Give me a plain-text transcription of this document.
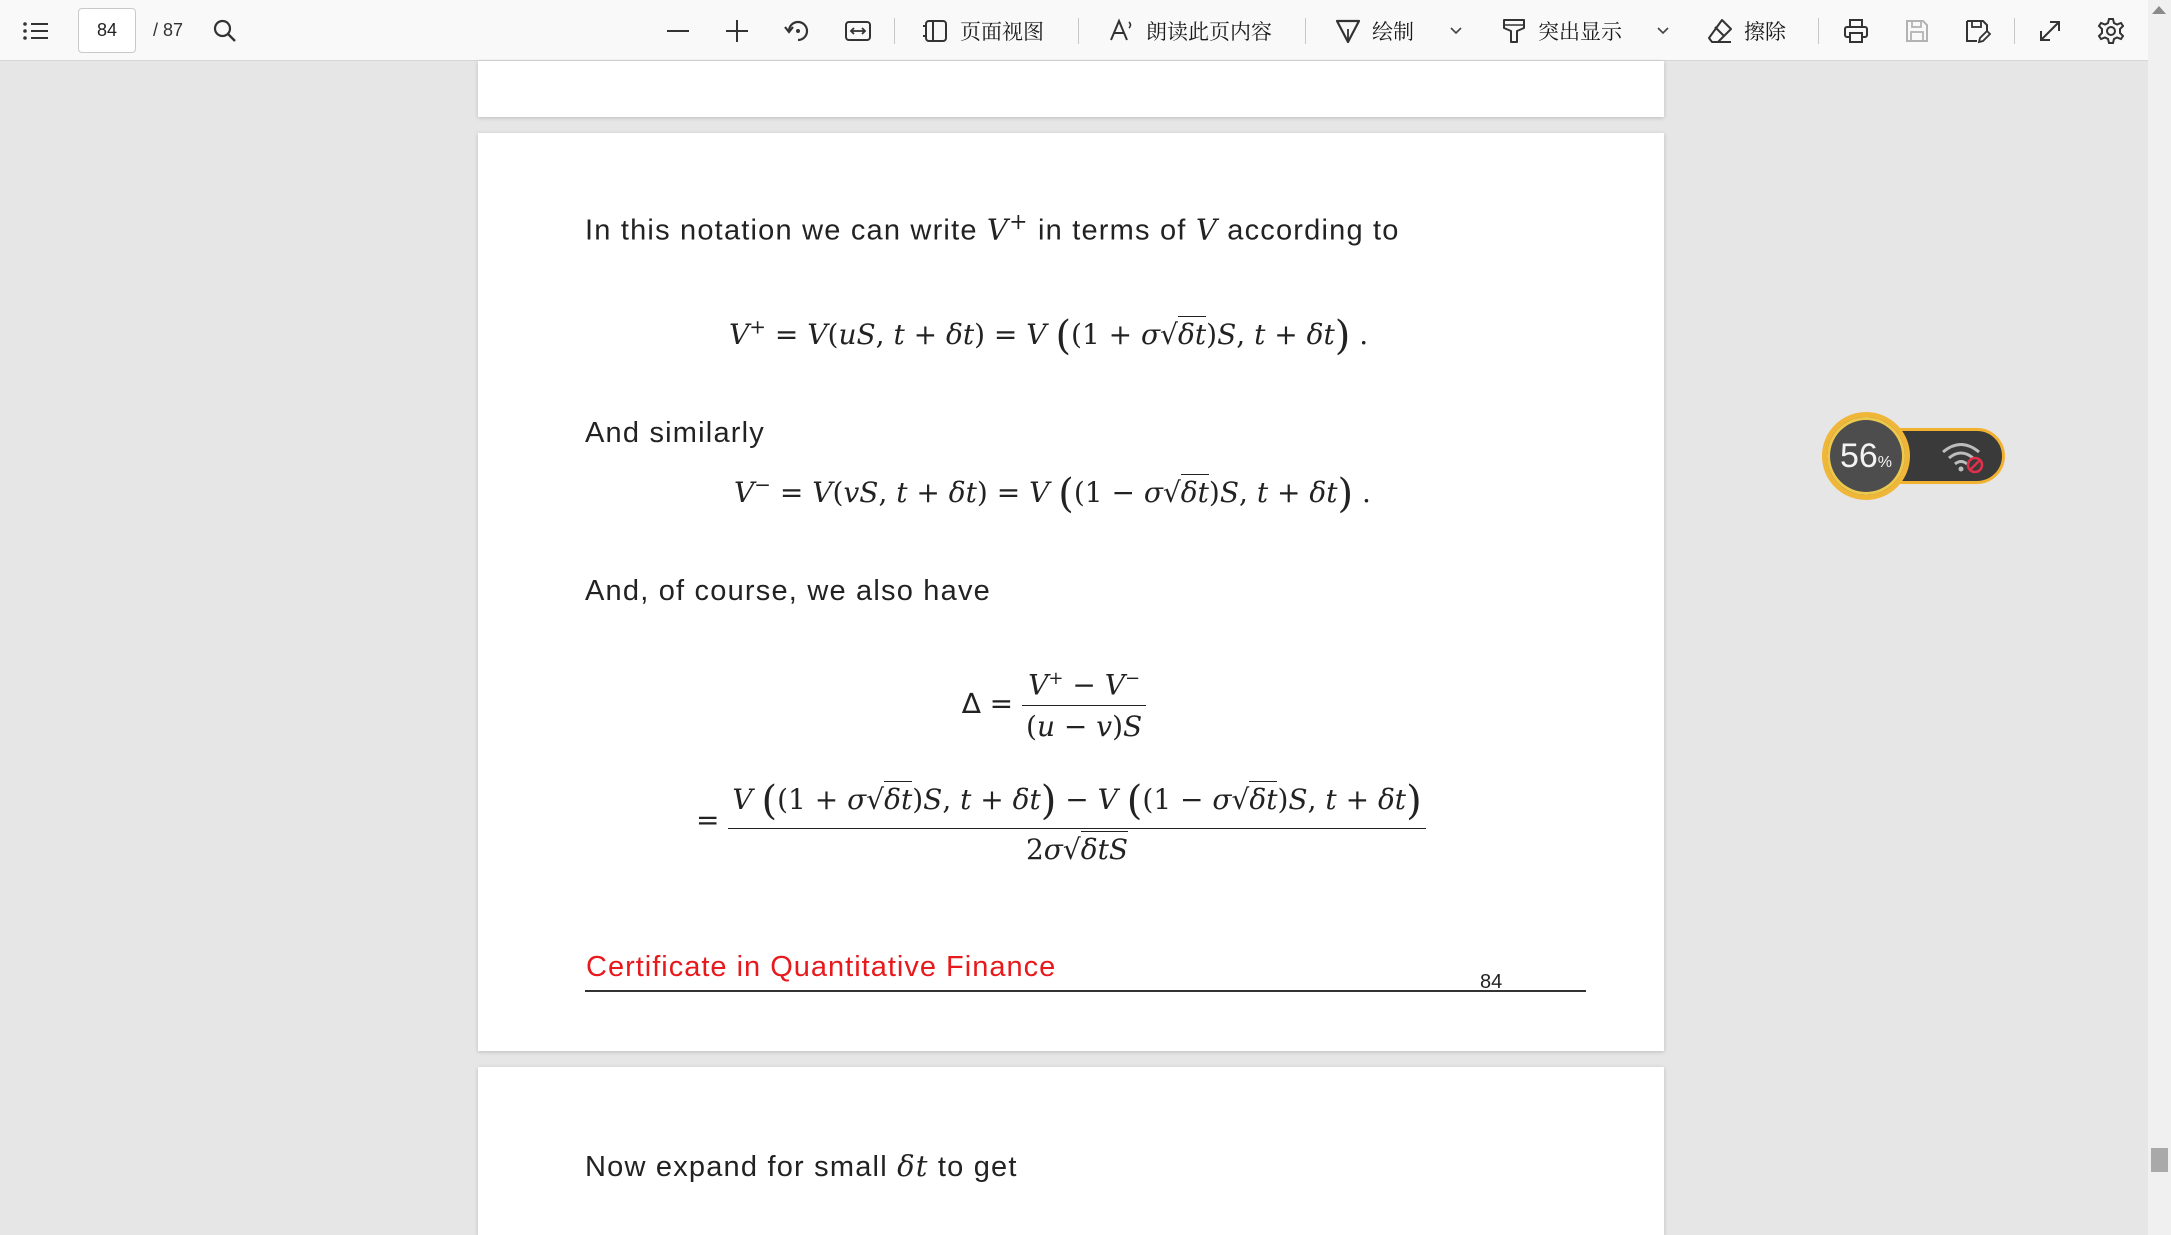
84	/ 87	页面视图	朗读此页内容	绘制	突出显示	擦除
In this notation we can write V+ in terms of V according to
V+ = V(uS, t + δt) = V ((1 + σ√δt)S, t + δt) .
And similarly
V− = V(vS, t + δt) = V ((1 − σ√δt)S, t + δt) .
And, of course, we also have
∆ = $\frac{V^+ - V^-}{(u - v)S}$
= $\frac{V ((1 + \sigma√\delta t)S, t + \delta t) - V ((1 - \sigma√\delta t)S, t + \delta t)}{\text{2σ√δtS}}$
Certificate in Quantitative Finance	84
Now expand for small δt to get
56%
